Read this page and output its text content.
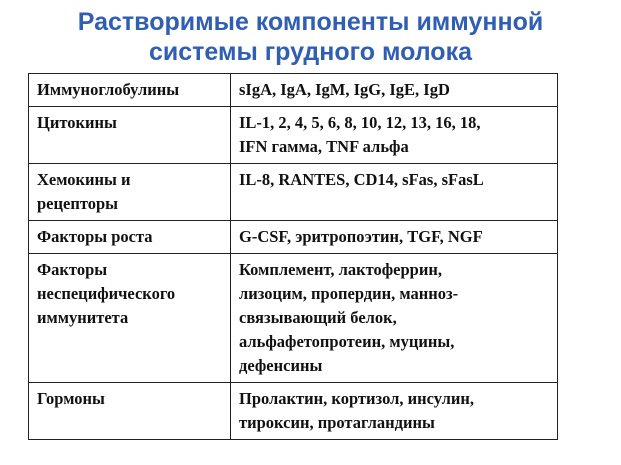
Растворимые компоненты иммунной
системы грудного молока
Иммуноглобулины	sIgA, IgA, IgM, IgG, IgE, IgD
Цитокины	IL-1, 2, 4, 5, 6, 8, 10, 12, 13, 16, 18,
IFN гамма, TNF альфа
Хемокины и
рецепторы	IL-8, RANTES, CD14, sFas, sFasL
Факторы роста	G-CSF, эритропоэтин, TGF, NGF
Факторы
неспецифического
иммунитета	Комплемент, лактоферрин,
лизоцим, пропердин, манноз-
связывающий белок,
альфафетопротеин, муцины,
дефенсины
Гормоны	Пролактин, кортизол, инсулин,
тироксин, протагландины
